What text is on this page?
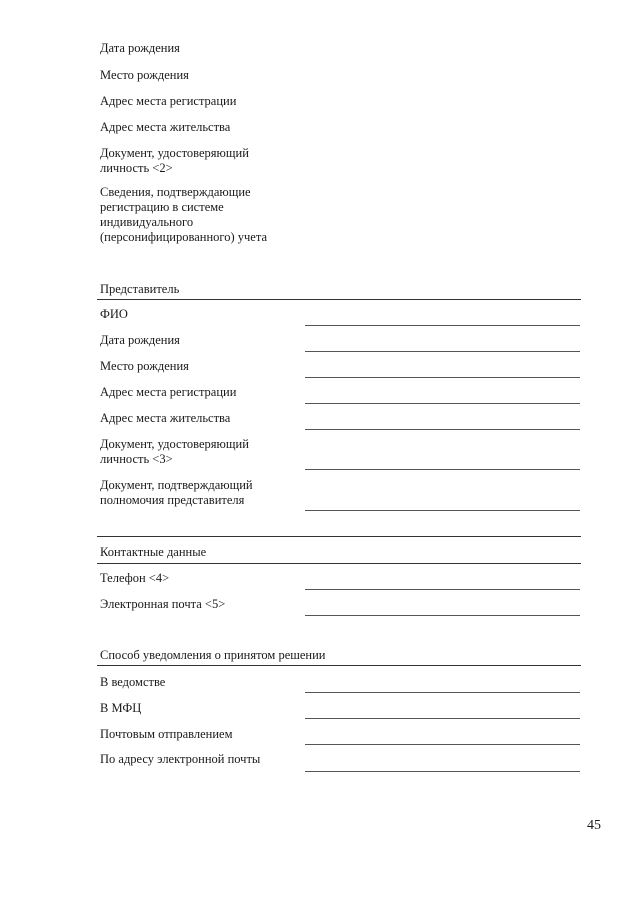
Дата рождения
Место рождения
Адрес места регистрации
Адрес места жительства
Документ, удостоверяющий
личность <2>
Сведения, подтверждающие
регистрацию в системе
индивидуального
(персонифицированного) учета
Представитель
ФИО
Дата рождения
Место рождения
Адрес места регистрации
Адрес места жительства
Документ, удостоверяющий
личность <3>
Документ, подтверждающий
полномочия представителя
Контактные данные
Телефон <4>
Электронная почта <5>
Способ уведомления о принятом решении
В ведомстве
В МФЦ
Почтовым отправлением
По адресу электронной почты
45
